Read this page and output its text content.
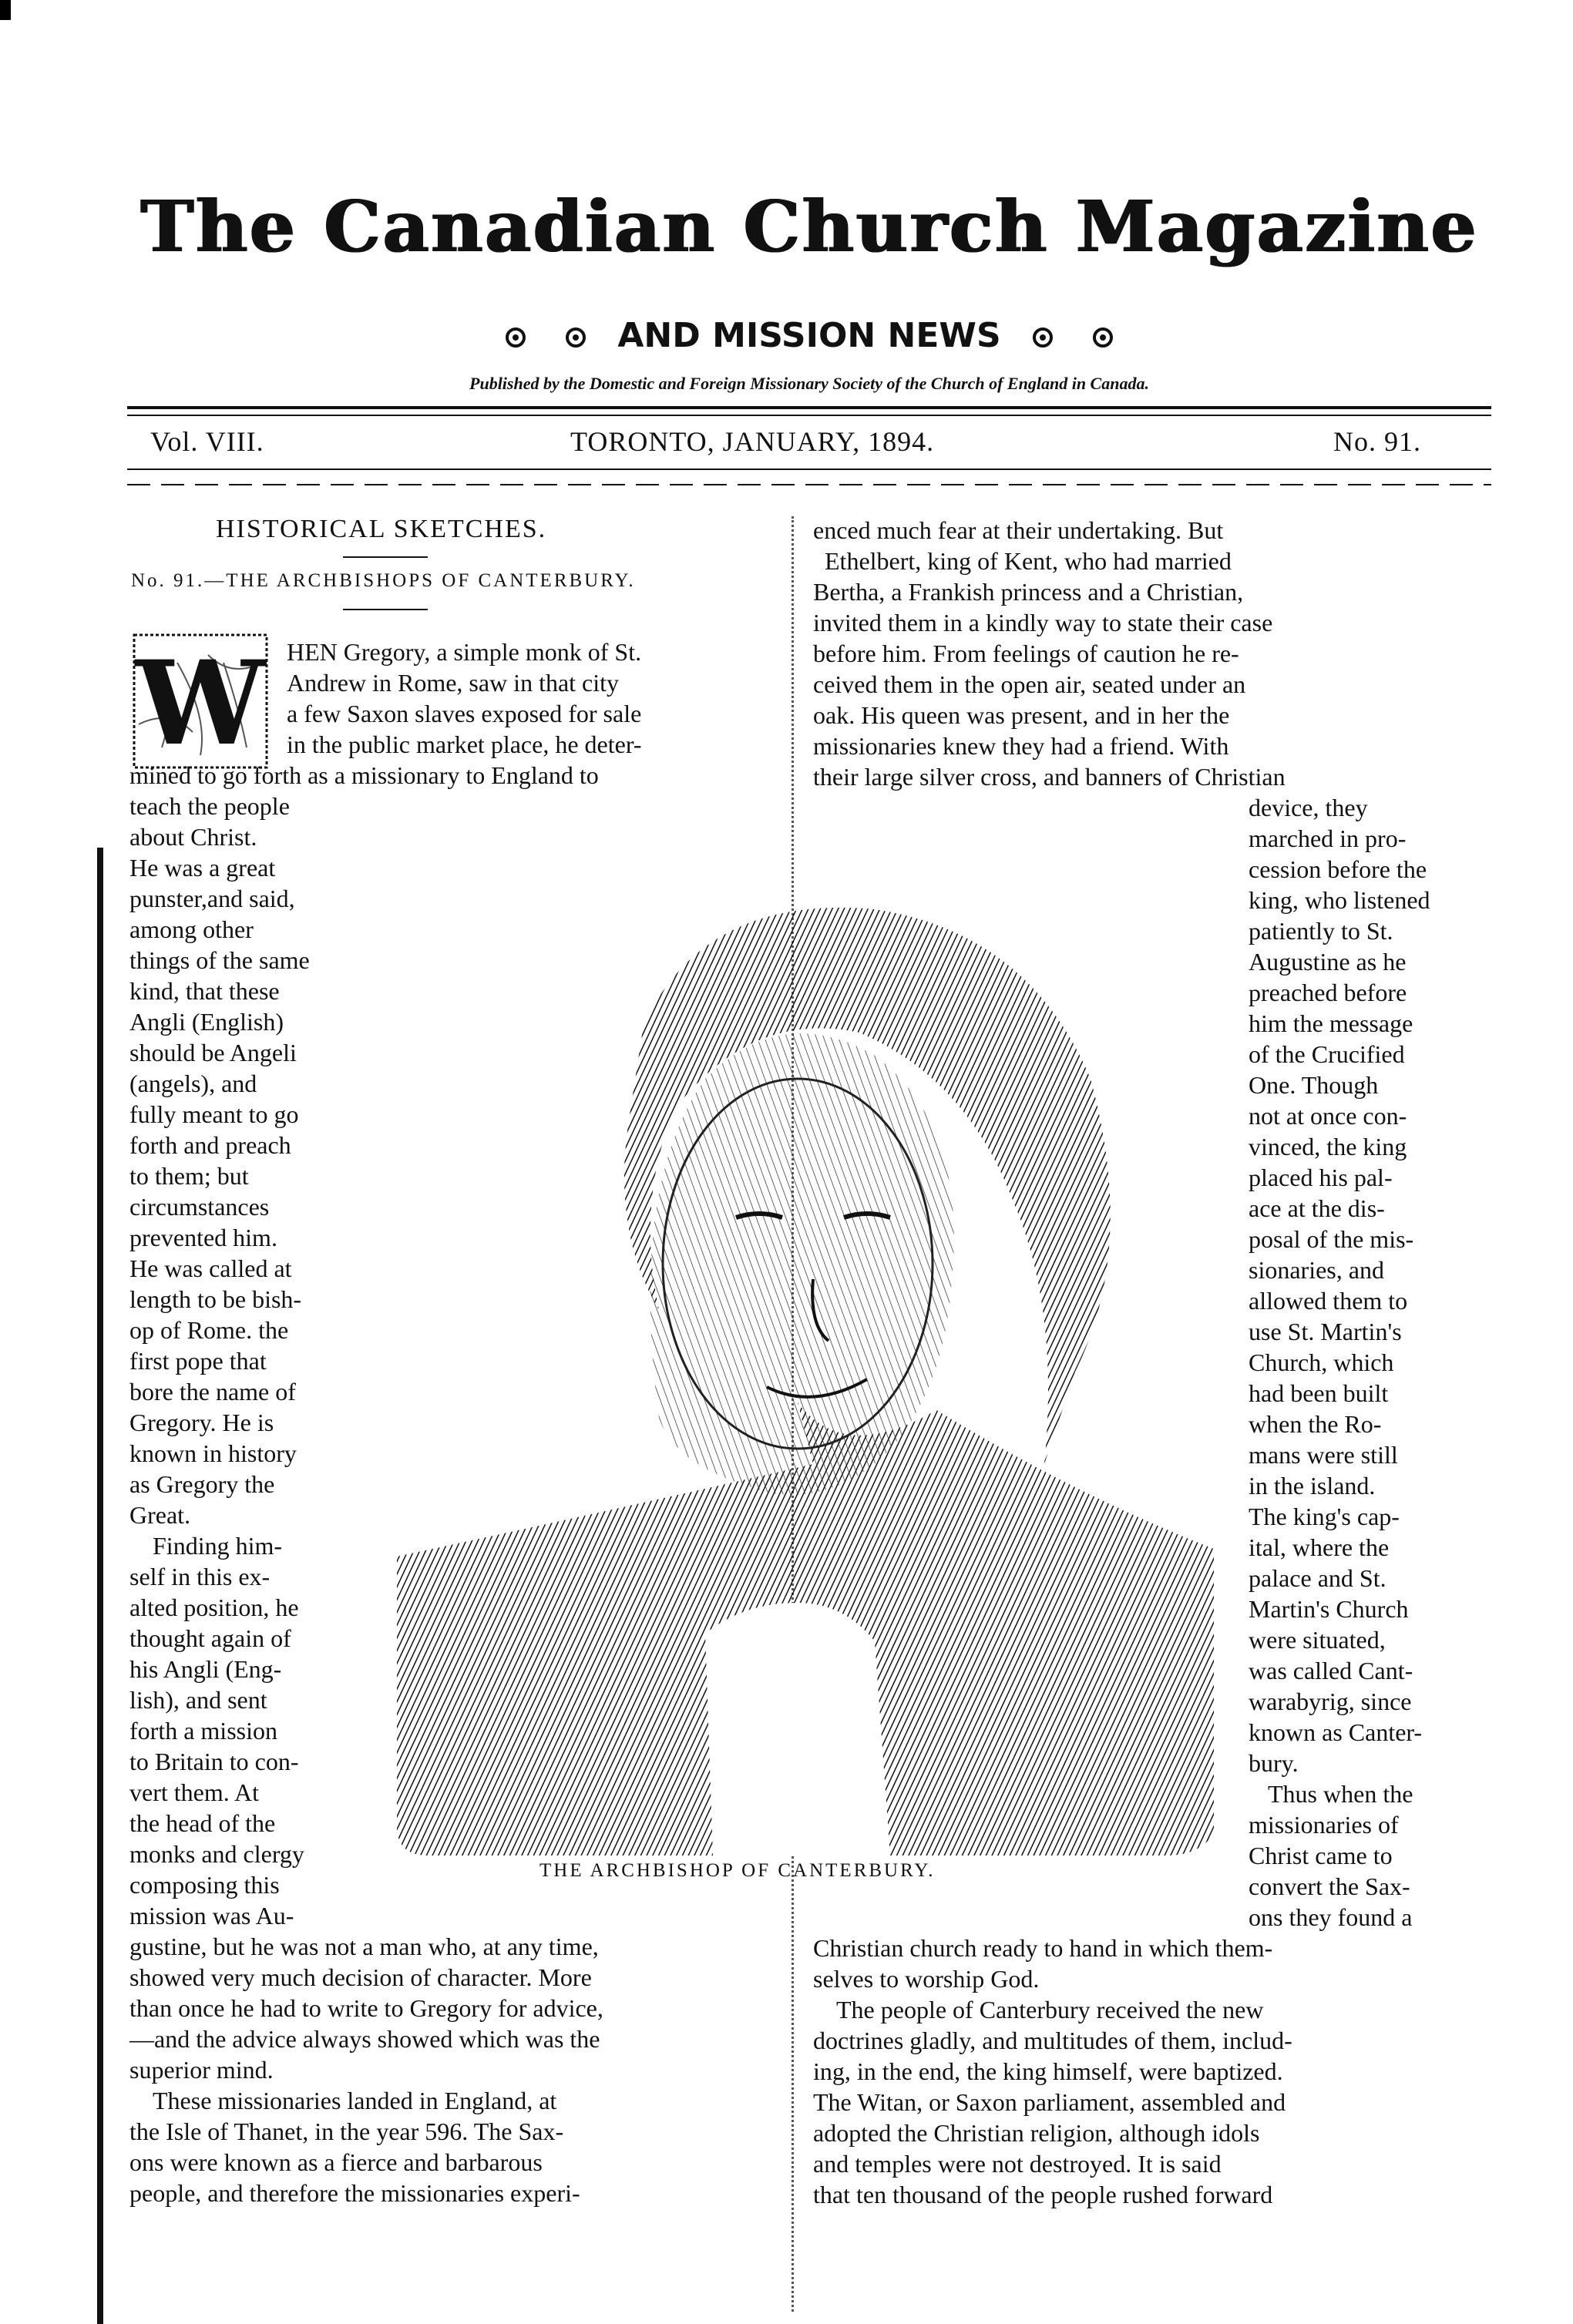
The Canadian Church Magazine
AND MISSION NEWS
Published by the Domestic and Foreign Missionary Society of the Church of England in Canada.
Vol. VIII.	TORONTO, JANUARY, 1894.	No. 91.
HISTORICAL SKETCHES.
No. 91.—THE ARCHBISHOPS OF CANTERBURY.
W
THE ARCHBISHOP OF CANTERBURY.
HEN Gregory, a simple monk of St.
Andrew in Rome, saw in that city
a few Saxon slaves exposed for sale
in the public market place, he deter-
mined to go forth as a missionary to England to
teach the people
about Christ.
He was a great
punster,and said,
among other
things of the same
kind, that these
Angli (English)
should be Angeli
(angels), and
fully meant to go
forth and preach
to them; but
circumstances
prevented him.
He was called at
length to be bish-
op of Rome. the
first pope that
bore the name of
Gregory. He is
known in history
as Gregory the
Great.
Finding him-
self in this ex-
alted position, he
thought again of
his Angli (Eng-
lish), and sent
forth a mission
to Britain to con-
vert them. At
the head of the
monks and clergy
composing this
mission was Au-
gustine, but he was not a man who, at any time,
showed very much decision of character. More
than once he had to write to Gregory for advice,
—and the advice always showed which was the
superior mind.
These missionaries landed in England, at
the Isle of Thanet, in the year 596. The Sax-
ons were known as a fierce and barbarous
people, and therefore the missionaries experi-
enced much fear at their undertaking. But
Ethelbert, king of Kent, who had married
Bertha, a Frankish princess and a Christian,
invited them in a kindly way to state their case
before him. From feelings of caution he re-
ceived them in the open air, seated under an
oak. His queen was present, and in her the
missionaries knew they had a friend. With
their large silver cross, and banners of Christian
device, they
marched in pro-
cession before the
king, who listened
patiently to St.
Augustine as he
preached before
him the message
of the Crucified
One. Though
not at once con-
vinced, the king
placed his pal-
ace at the dis-
posal of the mis-
sionaries, and
allowed them to
use St. Martin's
Church, which
had been built
when the Ro-
mans were still
in the island.
The king's cap-
ital, where the
palace and St.
Martin's Church
were situated,
was called Cant-
warabyrig, since
known as Canter-
bury.
Thus when the
missionaries of
Christ came to
convert the Sax-
ons they found a
Christian church ready to hand in which them-
selves to worship God.
The people of Canterbury received the new
doctrines gladly, and multitudes of them, includ-
ing, in the end, the king himself, were baptized.
The Witan, or Saxon parliament, assembled and
adopted the Christian religion, although idols
and temples were not destroyed. It is said
that ten thousand of the people rushed forward
